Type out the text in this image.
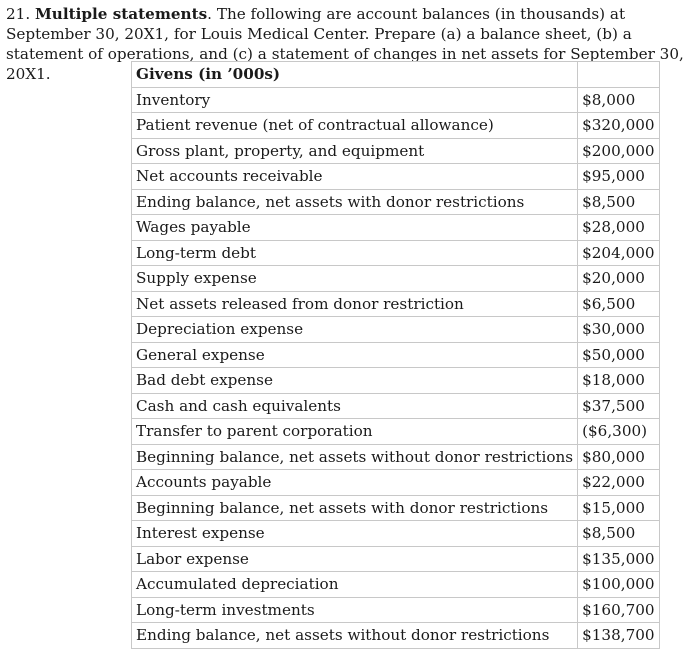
21. Multiple statements. The following are account balances (in thousands) at September 30, 20X1, for Louis Medical Center. Prepare (a) a balance sheet, (b) a statement of operations, and (c) a statement of changes in net assets for September 30, 20X1.	Givens (in ’000s)	
Inventory	$8,000
Patient revenue (net of contractual allowance)	$320,000
Gross plant, property, and equipment	$200,000
Net accounts receivable	$95,000
Ending balance, net assets with donor restrictions	$8,500
Wages payable	$28,000
Long-term debt	$204,000
Supply expense	$20,000
Net assets released from donor restriction	$6,500
Depreciation expense	$30,000
General expense	$50,000
Bad debt expense	$18,000
Cash and cash equivalents	$37,500
Transfer to parent corporation	($6,300)
Beginning balance, net assets without donor restrictions	$80,000
Accounts payable	$22,000
Beginning balance, net assets with donor restrictions	$15,000
Interest expense	$8,500
Labor expense	$135,000
Accumulated depreciation	$100,000
Long-term investments	$160,700
Ending balance, net assets without donor restrictions	$138,700
